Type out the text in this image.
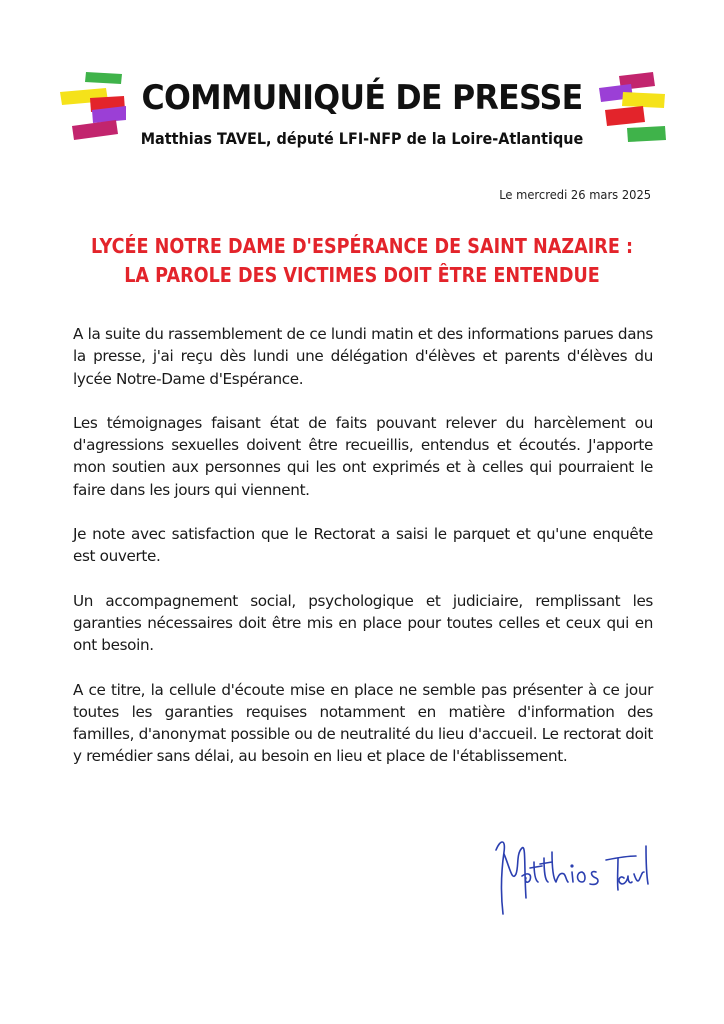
COMMUNIQUÉ DE PRESSE
Matthias TAVEL, député LFI-NFP de la Loire-Atlantique
Le mercredi 26 mars 2025
LYCÉE NOTRE DAME D'ESPÉRANCE DE SAINT NAZAIRE :
LA PAROLE DES VICTIMES DOIT ÊTRE ENTENDUE

A la suite du rassemblement de ce lundi matin et des informations parues dans la presse, j'ai reçu dès lundi une délégation d'élèves et parents d'élèves du lycée Notre-Dame d'Espérance.

Les témoignages faisant état de faits pouvant relever du harcèlement ou d'agressions sexuelles doivent être recueillis, entendus et écoutés. J'apporte mon soutien aux personnes qui les ont exprimés et à celles qui pourraient le faire dans les jours qui viennent.

Je note avec satisfaction que le Rectorat a saisi le parquet et qu'une enquête est ouverte.

Un accompagnement social, psychologique et judiciaire, remplissant les garanties nécessaires doit être mis en place pour toutes celles et ceux qui en ont besoin.

A ce titre, la cellule d'écoute mise en place ne semble pas présenter à ce jour toutes les garanties requises notamment en matière d'information des familles, d'anonymat possible ou de neutralité du lieu d'accueil. Le rectorat doit y remédier sans délai, au besoin en lieu et place de l'établissement.
